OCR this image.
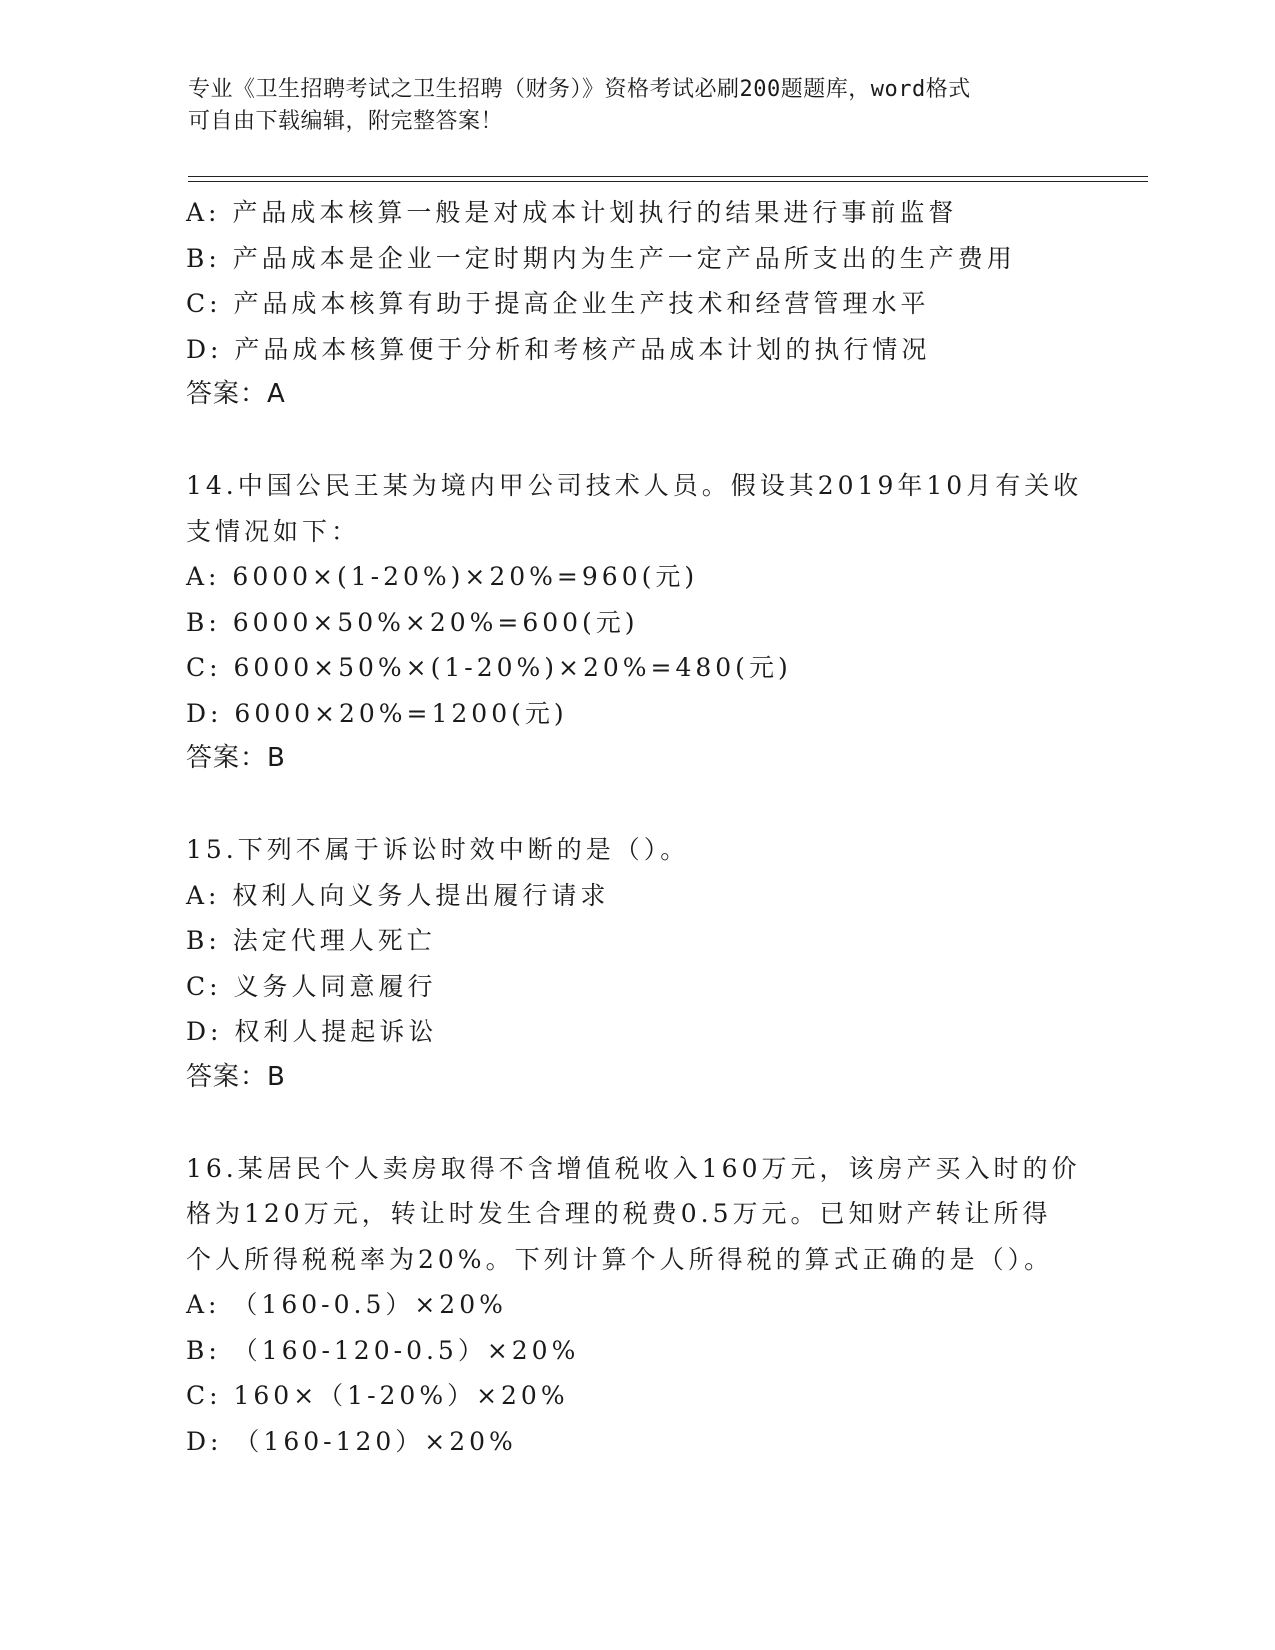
专业《卫生招聘考试之卫生招聘（财务）》资格考试必刷200题题库，word格式
可自由下载编辑，附完整答案！
A: 产品成本核算一般是对成本计划执行的结果进行事前监督
B: 产品成本是企业一定时期内为生产一定产品所支出的生产费用
C: 产品成本核算有助于提高企业生产技术和经营管理水平
D: 产品成本核算便于分析和考核产品成本计划的执行情况
答案：A
14.中国公民王某为境内甲公司技术人员。假设其2019年10月有关收
支情况如下：
A: 6000×(1-20%)×20%=960(元)
B: 6000×50%×20%=600(元)
C: 6000×50%×(1-20%)×20%=480(元)
D: 6000×20%=1200(元)
答案：B
15.下列不属于诉讼时效中断的是（）。
A: 权利人向义务人提出履行请求
B: 法定代理人死亡
C: 义务人同意履行
D: 权利人提起诉讼
答案：B
16.某居民个人卖房取得不含增值税收入160万元，该房产买入时的价
格为120万元，转让时发生合理的税费0.5万元。已知财产转让所得
个人所得税税率为20%。下列计算个人所得税的算式正确的是（）。
A: （160-0.5）×20%
B: （160-120-0.5）×20%
C: 160×（1-20%）×20%
D: （160-120）×20%
